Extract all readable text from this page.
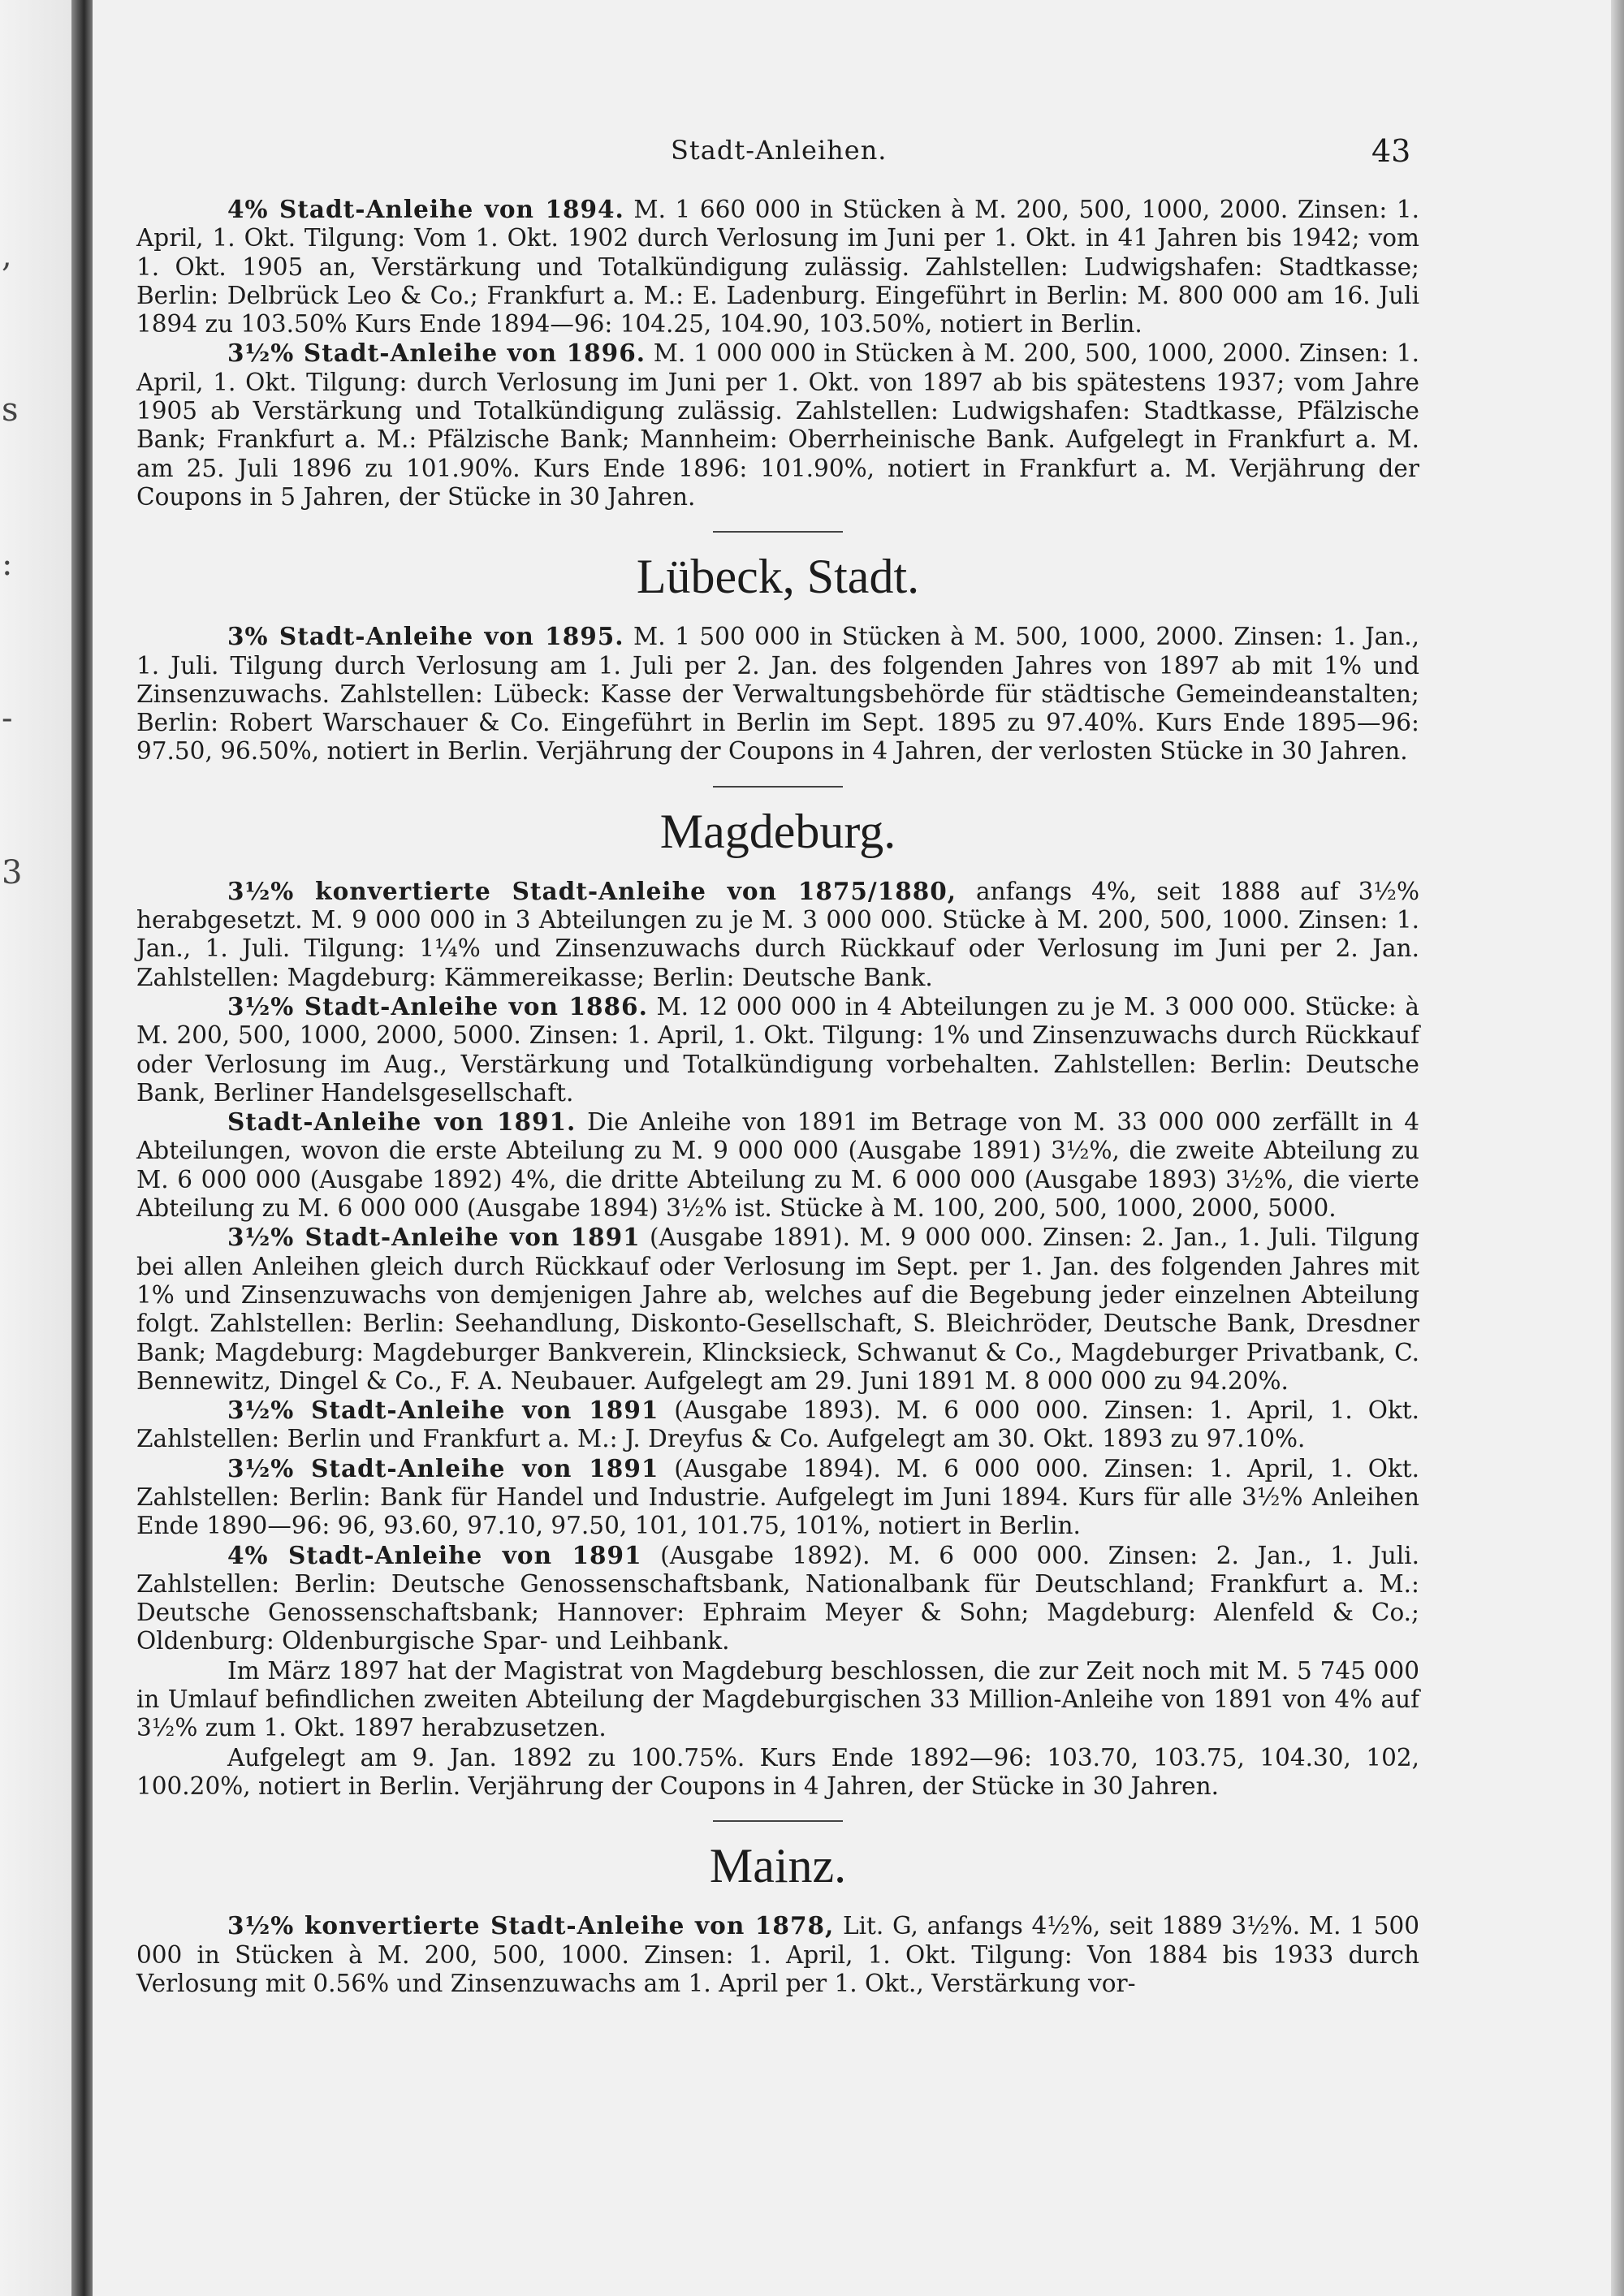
,
s
:
-
3
Stadt-Anleihen.	43

4% Stadt-Anleihe von 1894. M. 1 660 000 in Stücken à M. 200, 500, 1000, 2000. Zinsen: 1. April, 1. Okt. Tilgung: Vom 1. Okt. 1902 durch Verlosung im Juni per 1. Okt. in 41 Jahren bis 1942; vom 1. Okt. 1905 an, Verstärkung und Totalkündigung zulässig. Zahlstellen: Ludwigshafen: Stadtkasse; Berlin: Delbrück Leo & Co.; Frankfurt a. M.: E. Ladenburg. Eingeführt in Berlin: M. 800 000 am 16. Juli 1894 zu 103.50% Kurs Ende 1894—96: 104.25, 104.90, 103.50%, notiert in Berlin.

3½% Stadt-Anleihe von 1896. M. 1 000 000 in Stücken à M. 200, 500, 1000, 2000. Zinsen: 1. April, 1. Okt. Tilgung: durch Verlosung im Juni per 1. Okt. von 1897 ab bis spätestens 1937; vom Jahre 1905 ab Verstärkung und Totalkündigung zulässig. Zahlstellen: Ludwigshafen: Stadtkasse, Pfälzische Bank; Frankfurt a. M.: Pfälzische Bank; Mannheim: Oberrheinische Bank. Aufgelegt in Frankfurt a. M. am 25. Juli 1896 zu 101.90%. Kurs Ende 1896: 101.90%, notiert in Frankfurt a. M. Verjährung der Coupons in 5 Jahren, der Stücke in 30 Jahren.

Lübeck, Stadt.

3% Stadt-Anleihe von 1895. M. 1 500 000 in Stücken à M. 500, 1000, 2000. Zinsen: 1. Jan., 1. Juli. Tilgung durch Verlosung am 1. Juli per 2. Jan. des folgenden Jahres von 1897 ab mit 1% und Zinsenzuwachs. Zahlstellen: Lübeck: Kasse der Verwaltungsbehörde für städtische Gemeindeanstalten; Berlin: Robert Warschauer & Co. Eingeführt in Berlin im Sept. 1895 zu 97.40%. Kurs Ende 1895—96: 97.50, 96.50%, notiert in Berlin. Verjährung der Coupons in 4 Jahren, der verlosten Stücke in 30 Jahren.

Magdeburg.

3½% konvertierte Stadt-Anleihe von 1875/1880, anfangs 4%, seit 1888 auf 3½% herabgesetzt. M. 9 000 000 in 3 Abteilungen zu je M. 3 000 000. Stücke à M. 200, 500, 1000. Zinsen: 1. Jan., 1. Juli. Tilgung: 1¼% und Zinsenzuwachs durch Rückkauf oder Verlosung im Juni per 2. Jan. Zahlstellen: Magdeburg: Kämmereikasse; Berlin: Deutsche Bank.

3½% Stadt-Anleihe von 1886. M. 12 000 000 in 4 Abteilungen zu je M. 3 000 000. Stücke: à M. 200, 500, 1000, 2000, 5000. Zinsen: 1. April, 1. Okt. Tilgung: 1% und Zinsenzuwachs durch Rückkauf oder Verlosung im Aug., Verstärkung und Totalkündigung vorbehalten. Zahlstellen: Berlin: Deutsche Bank, Berliner Handelsgesellschaft.

Stadt-Anleihe von 1891. Die Anleihe von 1891 im Betrage von M. 33 000 000 zerfällt in 4 Abteilungen, wovon die erste Abteilung zu M. 9 000 000 (Ausgabe 1891) 3½%, die zweite Abteilung zu M. 6 000 000 (Ausgabe 1892) 4%, die dritte Abteilung zu M. 6 000 000 (Ausgabe 1893) 3½%, die vierte Abteilung zu M. 6 000 000 (Ausgabe 1894) 3½% ist. Stücke à M. 100, 200, 500, 1000, 2000, 5000.

3½% Stadt-Anleihe von 1891 (Ausgabe 1891). M. 9 000 000. Zinsen: 2. Jan., 1. Juli. Tilgung bei allen Anleihen gleich durch Rückkauf oder Verlosung im Sept. per 1. Jan. des folgenden Jahres mit 1% und Zinsenzuwachs von demjenigen Jahre ab, welches auf die Begebung jeder einzelnen Abteilung folgt. Zahlstellen: Berlin: Seehandlung, Diskonto-Gesellschaft, S. Bleichröder, Deutsche Bank, Dresdner Bank; Magdeburg: Magdeburger Bankverein, Klincksieck, Schwanut & Co., Magdeburger Privatbank, C. Bennewitz, Dingel & Co., F. A. Neubauer. Aufgelegt am 29. Juni 1891 M. 8 000 000 zu 94.20%.

3½% Stadt-Anleihe von 1891 (Ausgabe 1893). M. 6 000 000. Zinsen: 1. April, 1. Okt. Zahlstellen: Berlin und Frankfurt a. M.: J. Dreyfus & Co. Aufgelegt am 30. Okt. 1893 zu 97.10%.

3½% Stadt-Anleihe von 1891 (Ausgabe 1894). M. 6 000 000. Zinsen: 1. April, 1. Okt. Zahlstellen: Berlin: Bank für Handel und Industrie. Aufgelegt im Juni 1894. Kurs für alle 3½% Anleihen Ende 1890—96: 96, 93.60, 97.10, 97.50, 101, 101.75, 101%, notiert in Berlin.

4% Stadt-Anleihe von 1891 (Ausgabe 1892). M. 6 000 000. Zinsen: 2. Jan., 1. Juli. Zahlstellen: Berlin: Deutsche Genossenschaftsbank, Nationalbank für Deutschland; Frankfurt a. M.: Deutsche Genossenschaftsbank; Hannover: Ephraim Meyer & Sohn; Magdeburg: Alenfeld & Co.; Oldenburg: Oldenburgische Spar- und Leihbank.

Im März 1897 hat der Magistrat von Magdeburg beschlossen, die zur Zeit noch mit M. 5 745 000 in Umlauf befindlichen zweiten Abteilung der Magdeburgischen 33 Million-Anleihe von 1891 von 4% auf 3½% zum 1. Okt. 1897 herabzusetzen.

Aufgelegt am 9. Jan. 1892 zu 100.75%. Kurs Ende 1892—96: 103.70, 103.75, 104.30, 102, 100.20%, notiert in Berlin. Verjährung der Coupons in 4 Jahren, der Stücke in 30 Jahren.

Mainz.

3½% konvertierte Stadt-Anleihe von 1878, Lit. G, anfangs 4½%, seit 1889 3½%. M. 1 500 000 in Stücken à M. 200, 500, 1000. Zinsen: 1. April, 1. Okt. Tilgung: Von 1884 bis 1933 durch Verlosung mit 0.56% und Zinsenzuwachs am 1. April per 1. Okt., Verstärkung vor-
